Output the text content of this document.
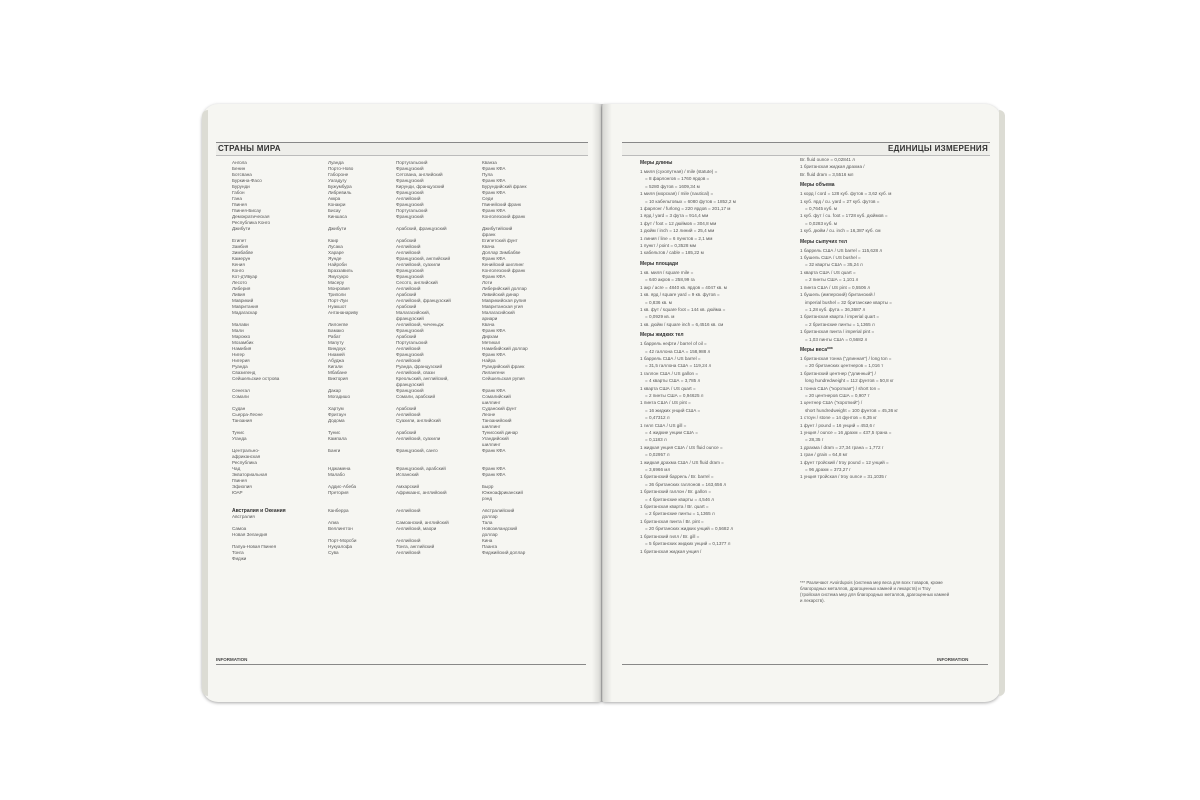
СТРАНЫ МИРА	ЕДИНИЦЫ ИЗМЕРЕНИЯ
Ангола
Бенин
Ботсвана
Буркина-Фасо
Бурунди
Габон
Гана
Гвинея
Гвинея-Бисау
Демократическая
Республика Конго
Джибути
Египет
Замбия
Зимбабве
Камерун
Кения
Конго
Кот-д'Ивуар
Лесото
Либерия
Ливия
Маврикий
Мавритания
Мадагаскар
Малави
Мали
Марокко
Мозамбик
Намибия
Нигер
Нигерия
Руанда
Свазиленд
Сейшельские острова
Сенегал
Сомали
Судан
Сьерра-Леоне
Танзания
Тунис
Уганда
Центрально-
африканская
Республика
Чад
Экваториальная
Гвинея
Эфиопия
ЮАР
Австралия и Океания
Австралия
Самоа
Новая Зеландия
Папуа-Новая Гвинея
Тонга
Фиджи
Луанда
Порто-Ново
Габороне
Уагадугу
Бужумбура
Либревиль
Аккра
Конакри
Бисау
Киншаса
Джибути
Каир
Лусака
Хараре
Яунде
Найроби
Браззавиль
Ямусукро
Масеру
Монровия
Триполи
Порт-Луи
Нуакшот
Антананариву
Лилонгве
Бамако
Рабат
Мапуту
Виндхук
Ниамей
Абуджа
Кигали
Мбабане
Виктория
Дакар
Могадишо
Хартум
Фритаун
Додома
Тунис
Кампала
Банги
Нджамена
Малабо
Аддис-Абеба
Претория
Канберра
Апиа
Веллингтон
Порт-Морсби
Нукуалофа
Сува
Португальский
Французский
Сетсвана, английский
Французский
Кирунди, французский
Французский
Английский
Французский
Португальский
Французский
Арабский, французский
Арабский
Английский
Английский
Французский, английский
Английский, суахили
Французский
Французский
Сесото, английский
Английский
Арабский
Английский, французский
Арабский
Малагасийский,
французский
Английский, чиченьдж
Французский
Арабский
Португальский
Английский
Французский
Английский
Руанда, французский
Английский, свази
Креольский, английский,
французский
Французский
Сомали, арабский
Арабский
Английский
Суахили, английский
Арабский
Английский, суахили
Французский, санго
Французский, арабский
Испанский
Амхарский
Африкаанс, английский
Английский
Самоанский, английский
Английский, маори
Английский
Тонга, английский
Английский
Кванза
Франк КФА
Пула
Франк КФА
Бурундийский франк
Франк КФА
Седи
Гвинейский франк
Франк КФА
Конголезский франк
Джибутийский
франк
Египетский фунт
Квача
Доллар Зимбабве
Франк КФА
Кенийский шиллинг
Конголезский франк
Франк КФА
Лоти
Либерийский доллар
Ливийский динар
Маврикийская рупия
Мавританская угия
Малагасийский
ариари
Квача
Франк КФА
Дирхам
Метикал
Намибийский доллар
Франк КФА
Найра
Руандийский франк
Лилангени
Сейшельская рупия
Франк КФА
Сомалийский
шиллинг
Суданский фунт
Леоне
Танзанийский
шиллинг
Тунисский динар
Угандийский
шиллинг
Франк КФА
Франк КФА
Франк КФА
Бырр
Южноафриканский
рэнд
Австралийский
доллар
Тала
Новозеландский
доллар
Кина
Паанга
Фиджийский доллар
Меры длины
1 миля (сухопутная) / mile (statute) =
= 8 фарлонгов = 1760 ярдов =
= 5280 футов = 1609,34 м
1 миля (морская) / mile (nautical) =
= 10 кабельтовых = 6080 футов = 1852,2 м
1 фарлонг / furlong = 220 ярдов = 201,17 м
1 ярд / yard = 3 фута = 914,4 мм
1 фут / foot = 12 дюймов = 304,8 мм
1 дюйм / inch = 12 линий = 25,4 мм
1 линия / line = 6 пунктов = 2,1 мм
1 пункт / point = 0,3528 мм
1 кабельтов / cable = 185,22 м
Меры площади
1 кв. миля / square mile =
= 640 акров = 258,99 га
1 акр / acre = 4840 кв. ярдов = 4047 кв. м
1 кв. ярд / square yard = 9 кв. футов =
= 0,836 кв. м
1 кв. фут / square foot = 144 кв. дюйма =
= 0,0929 кв. м
1 кв. дюйм / square inch = 6,4516 кв. см
Меры жидких тел
1 баррель нефти / barrel of oil =
= 42 галлона США = 158,988 л
1 баррель США / US barrel =
= 31,5 галлона США = 119,24 л
1 галлон США / US gallon =
= 4 кварты США = 3,785 л
1 кварта США / US quart =
= 2 пинты США = 0,94625 л
1 пинта США / US pint =
= 16 жидких унций США =
= 0,47312 л
1 гилл США / US gill =
= 4 жидкие унции США =
= 0,1183 л
1 жидкая унция США / US fluid ounce =
= 0,02957 л
1 жидкая драхма США / US fluid dram =
= 3,6966 мл
1 британский баррель / Br. barrel =
= 36 британских галлонов = 163,656 л
1 британский галлон / Br. gallon =
= 4 британские кварты = 4,546 л
1 британская кварта / Br. quart =
= 2 британские пинты = 1,1365 л
1 британская пинта / Br. pint =
= 20 британских жидких унций = 0,5682 л
1 британский гилл / Br. gill =
= 5 британских жидких унций = 0,1377 л
1 британская жидкая унция /
Br. fluid ounce = 0,02841 л
1 британская жидкая драхма /
Br. fluid dram = 3,5516 мл
Меры объема
1 корд / cord = 128 куб. футов = 3,62 куб. м
1 куб. ярд / cu. yard = 27 куб. футов =
= 0,7645 куб. м
1 куб. фут / cu. foot = 1728 куб. дюймов =
= 0,0283 куб. м
1 куб. дюйм / cu. inch = 16,387 куб. см
Меры сыпучих тел
1 баррель США / US barrel = 115,628 л
1 бушель США / US bushel =
= 32 кварты США = 35,24 л
1 кварта США / US quart =
= 2 пинты США = 1,101 л
1 пинта США / US pint = 0,5506 л
1 бушель (имперский) британский /
imperial bushel = 32 британские кварты =
= 1,28 куб. фута = 36,3687 л
1 британская кварта / imperial quart =
= 2 британские пинты = 1,1365 л
1 британская пинта / imperial pint =
= 1,03 пинты США = 0,5682 л
Меры веса***
1 британская тонна ("длинная") / long ton =
= 20 британских центнеров = 1,016 т
1 британский центнер ("длинный") /
long hundredweight = 112 фунтов = 50,8 кг
1 тонна США ("короткая") / short ton =
= 20 центнеров США = 0,907 т
1 центнер США ("короткий") /
short hundredweight = 100 фунтов = 45,36 кг
1 стоун / stone = 14 фунтов = 6,35 кг
1 фунт / pound = 16 унций = 453,6 г
1 унция / ounce = 16 драхм = 437,5 грана =
= 28,35 г
1 драхма / dram = 27,34 грана = 1,772 г
1 гран / grain = 64,8 мг
1 фунт тройский / troy pound = 12 унций =
= 96 драхм = 373,27 г
1 унция тройская / troy ounce = 31,1035 г
*** Различают Avoirdupois (система мер веса для всех товаров, кроме благородных металлов, драгоценных камней и лекарств) и Troy (тройская система мер для благородных металлов, драгоценных камней и лекарств).
INFORMATION	INFORMATION
